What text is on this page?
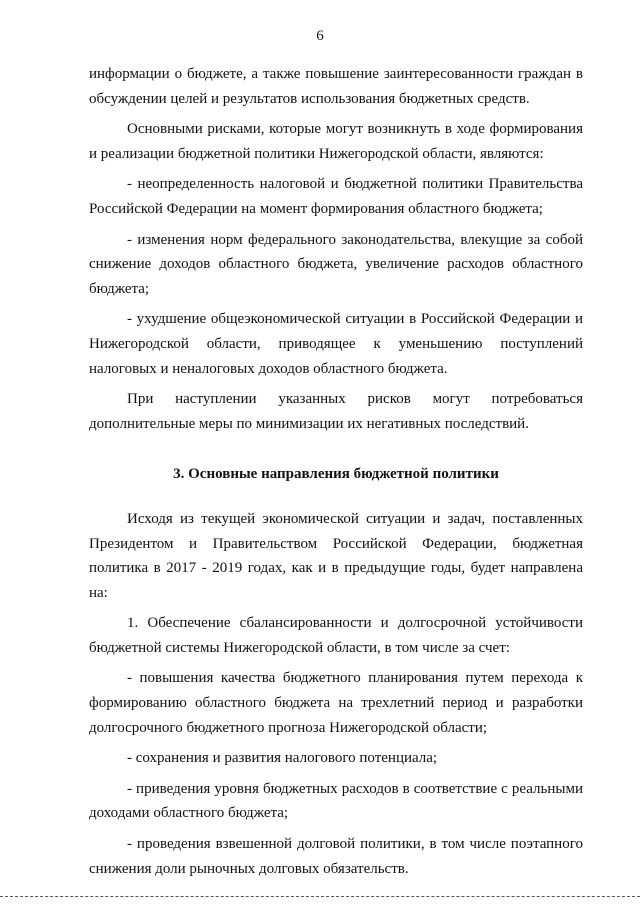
6

информации о бюджете, а также повышение заинтересованности граждан в обсуждении целей и результатов использования бюджетных средств.

Основными рисками, которые могут возникнуть в ходе формирования и реализации бюджетной политики Нижегородской области, являются:

- неопределенность налоговой и бюджетной политики Правительства Российской Федерации на момент формирования областного бюджета;

- изменения норм федерального законодательства, влекущие за собой снижение доходов областного бюджета, увеличение расходов областного бюджета;

- ухудшение общеэкономической ситуации в Российской Федерации и Нижегородской области, приводящее к уменьшению поступлений налоговых и неналоговых доходов областного бюджета.

При наступлении указанных рисков могут потребоваться дополнительные меры по минимизации их негативных последствий.

3. Основные направления бюджетной политики

Исходя из текущей экономической ситуации и задач, поставленных Президентом и Правительством Российской Федерации, бюджетная политика в 2017 - 2019 годах, как и в предыдущие годы, будет направлена на:

1. Обеспечение сбалансированности и долгосрочной устойчивости бюджетной системы Нижегородской области, в том числе за счет:

- повышения качества бюджетного планирования путем перехода к формированию областного бюджета на трехлетний период и разработки долгосрочного бюджетного прогноза Нижегородской области;

- сохранения и развития налогового потенциала;

- приведения уровня бюджетных расходов в соответствие с реальными доходами областного бюджета;

- проведения взвешенной долговой политики, в том числе поэтапного снижения доли рыночных долговых обязательств.
